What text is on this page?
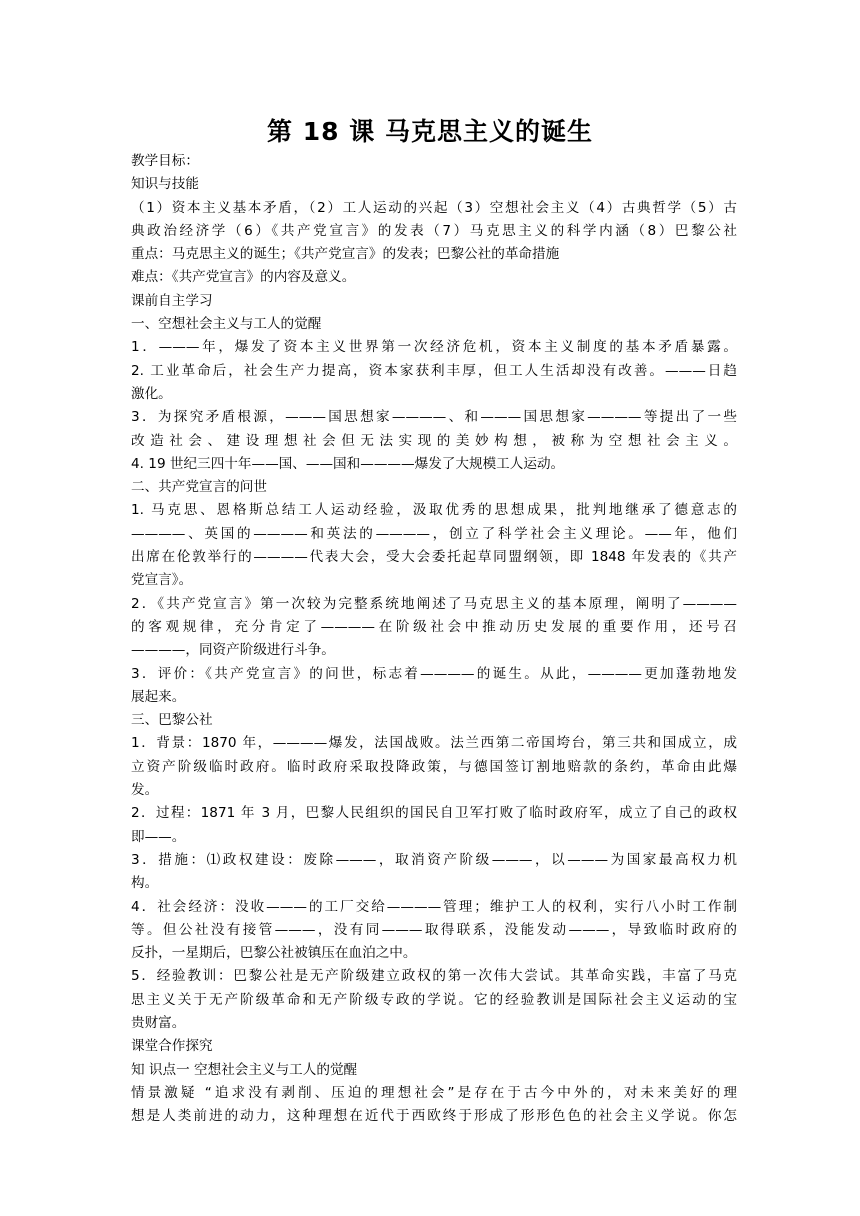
第 18 课 马克思主义的诞生
教学目标：
知识与技能
（1）资本主义基本矛盾，（2）工人运动的兴起（3）空想社会主义（4）古典哲学（5）古
典政治经济学（6）《共产党宣言》的发表（7）马克思主义的科学内涵（8）巴黎公社
重点：马克思主义的诞生；《共产党宣言》的发表；巴黎公社的革命措施
难点：《共产党宣言》的内容及意义。
课前自主学习
一、空想社会主义与工人的觉醒
1．———年，爆发了资本主义世界第一次经济危机，资本主义制度的基本矛盾暴露。
2. 工业革命后，社会生产力提高，资本家获利丰厚，但工人生活却没有改善。———日趋
激化。
3．为探究矛盾根源，———国思想家————、和———国思想家————等提出了一些
改造社会、建设理想社会但无法实现的美妙构想，被称为空想社会主义。
4. 19 世纪三四十年——国、——国和————爆发了大规模工人运动。
二、共产党宣言的问世
1. 马克思、恩格斯总结工人运动经验，汲取优秀的思想成果，批判地继承了德意志的
————、英国的————和英法的————，创立了科学社会主义理论。——年，他们
出席在伦敦举行的————代表大会，受大会委托起草同盟纲领，即 1848 年发表的《共产
党宣言》。
2．《共产党宣言》第一次较为完整系统地阐述了马克思主义的基本原理，阐明了————
的客观规律，充分肯定了————在阶级社会中推动历史发展的重要作用，还号召
————，同资产阶级进行斗争。
3．评价：《共产党宣言》的问世，标志着————的诞生。从此，————更加蓬勃地发
展起来。
三、巴黎公社
1．背景：1870 年，————爆发，法国战败。法兰西第二帝国垮台，第三共和国成立，成
立资产阶级临时政府。临时政府采取投降政策，与德国签订割地赔款的条约，革命由此爆
发。
2．过程：1871 年 3 月，巴黎人民组织的国民自卫军打败了临时政府军，成立了自己的政权
即——。
3．措施：⑴政权建设：废除———，取消资产阶级———，以———为国家最高权力机
构。
4．社会经济：没收———的工厂交给————管理；维护工人的权利，实行八小时工作制
等。但公社没有接管———，没有同———取得联系，没能发动———，导致临时政府的
反扑，一星期后，巴黎公社被镇压在血泊之中。
5．经验教训：巴黎公社是无产阶级建立政权的第一次伟大尝试。其革命实践，丰富了马克
思主义关于无产阶级革命和无产阶级专政的学说。它的经验教训是国际社会主义运动的宝
贵财富。
课堂合作探究
知 识点一 空想社会主义与工人的觉醒
情景激疑 “追求没有剥削、压迫的理想社会”是存在于古今中外的，对未来美好的理
想是人类前进的动力，这种理想在近代于西欧终于形成了形形色色的社会主义学说。你怎
